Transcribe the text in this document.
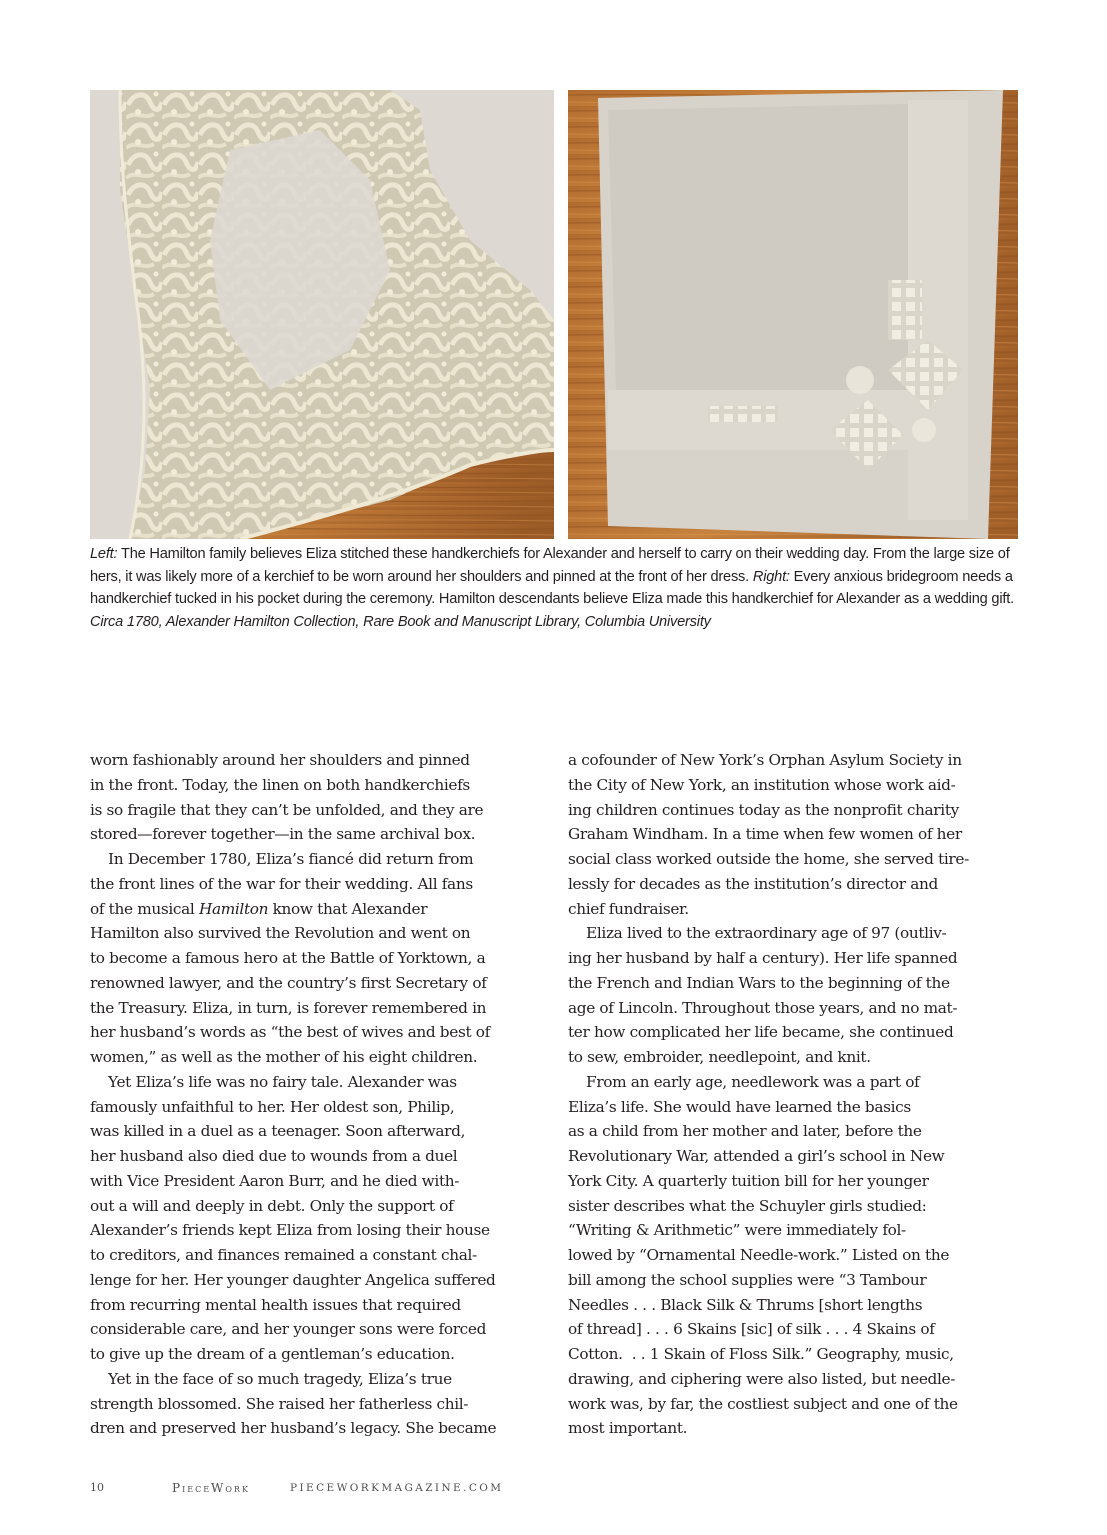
Left: The Hamilton family believes Eliza stitched these handkerchiefs for Alexander and herself to carry on their wedding day. From the large size of hers, it was likely more of a kerchief to be worn around her shoulders and pinned at the front of her dress. Right: Every anxious bridegroom needs a handkerchief tucked in his pocket during the ceremony. Hamilton descendants believe Eliza made this handkerchief for Alexander as a wedding gift.

Circa 1780, Alexander Hamilton Collection, Rare Book and Manuscript Library, Columbia University

worn fashionably around her shoulders and pinned
in the front. Today, the linen on both handkerchiefs
is so fragile that they can’t be unfolded, and they are
stored—forever together—in the same archival box.
In December 1780, Eliza’s fiancé did return from
the front lines of the war for their wedding. All fans
of the musical Hamilton know that Alexander
Hamilton also survived the Revolution and went on
to become a famous hero at the Battle of Yorktown, a
renowned lawyer, and the country’s first Secretary of
the Treasury. Eliza, in turn, is forever remembered in
her husband’s words as “the best of wives and best of
women,” as well as the mother of his eight children.
Yet Eliza’s life was no fairy tale. Alexander was
famously unfaithful to her. Her oldest son, Philip,
was killed in a duel as a teenager. Soon afterward,
her husband also died due to wounds from a duel
with Vice President Aaron Burr, and he died with-
out a will and deeply in debt. Only the support of
Alexander’s friends kept Eliza from losing their house
to creditors, and finances remained a constant chal-
lenge for her. Her younger daughter Angelica suffered
from recurring mental health issues that required
considerable care, and her younger sons were forced
to give up the dream of a gentleman’s education.
Yet in the face of so much tragedy, Eliza’s true
strength blossomed. She raised her fatherless chil-
dren and preserved her husband’s legacy. She became
a cofounder of New York’s Orphan Asylum Society in
the City of New York, an institution whose work aid-
ing children continues today as the nonprofit charity
Graham Windham. In a time when few women of her
social class worked outside the home, she served tire-
lessly for decades as the institution’s director and
chief fundraiser.
Eliza lived to the extraordinary age of 97 (outliv-
ing her husband by half a century). Her life spanned
the French and Indian Wars to the beginning of the
age of Lincoln. Throughout those years, and no mat-
ter how complicated her life became, she continued
to sew, embroider, needlepoint, and knit.
From an early age, needlework was a part of
Eliza’s life. She would have learned the basics
as a child from her mother and later, before the
Revolutionary War, attended a girl’s school in New
York City. A quarterly tuition bill for her younger
sister describes what the Schuyler girls studied:
“Writing & Arithmetic” were immediately fol-
lowed by “Ornamental Needle-work.” Listed on the
bill among the school supplies were “3 Tambour
Needles . . . Black Silk & Thrums [short lengths
of thread] . . . 6 Skains [sic] of silk . . . 4 Skains of
Cotton.  . . 1 Skain of Floss Silk.” Geography, music,
drawing, and ciphering were also listed, but needle-
work was, by far, the costliest subject and one of the
most important.
10	PieceWork	PIECEWORKMAGAZINE.COM
